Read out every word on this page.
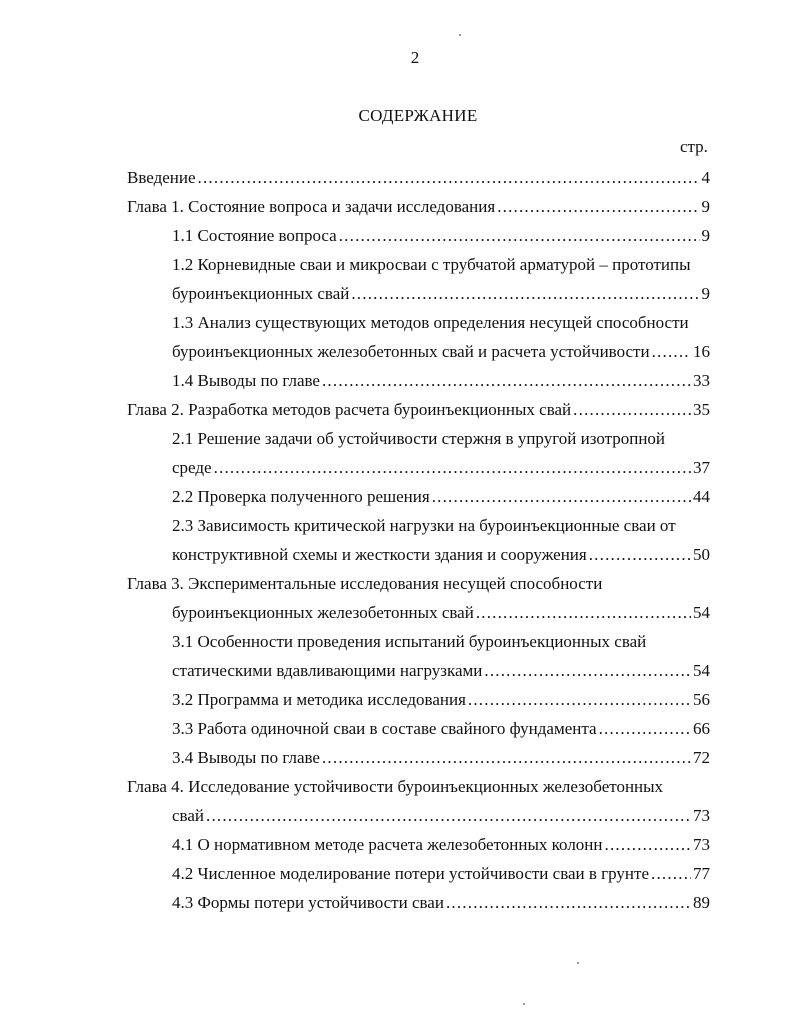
2
СОДЕРЖАНИЕ
стр.
Введение .....	4
Глава 1. Состояние вопроса и задачи исследования .....	9
1.1 Состояние вопроса .....	9
1.2 Корневидные сваи и микросваи с трубчатой арматурой – прототипы
буроинъекционных свай .....	9
1.3 Анализ существующих методов определения несущей способности
буроинъекционных железобетонных свай и расчета устойчивости .....	16
1.4 Выводы по главе .....	33
Глава 2. Разработка методов расчета буроинъекционных свай .....	35
2.1 Решение задачи об устойчивости стержня в упругой изотропной
среде .....	37
2.2 Проверка полученного решения .....	44
2.3 Зависимость критической нагрузки на буроинъекционные сваи от
конструктивной схемы и жесткости здания и сооружения .....	50
Глава 3. Экспериментальные исследования несущей способности
буроинъекционных железобетонных свай .....	54
3.1 Особенности проведения испытаний буроинъекционных свай
статическими вдавливающими нагрузками .....	54
3.2 Программа и методика исследования .....	56
3.3 Работа одиночной сваи в составе свайного фундамента .....	66
3.4 Выводы по главе .....	72
Глава 4. Исследование устойчивости буроинъекционных железобетонных
свай .....	73
4.1 О нормативном методе расчета железобетонных колонн .....	73
4.2 Численное моделирование потери устойчивости сваи в грунте .....	77
4.3 Формы потери устойчивости сваи .....	89
